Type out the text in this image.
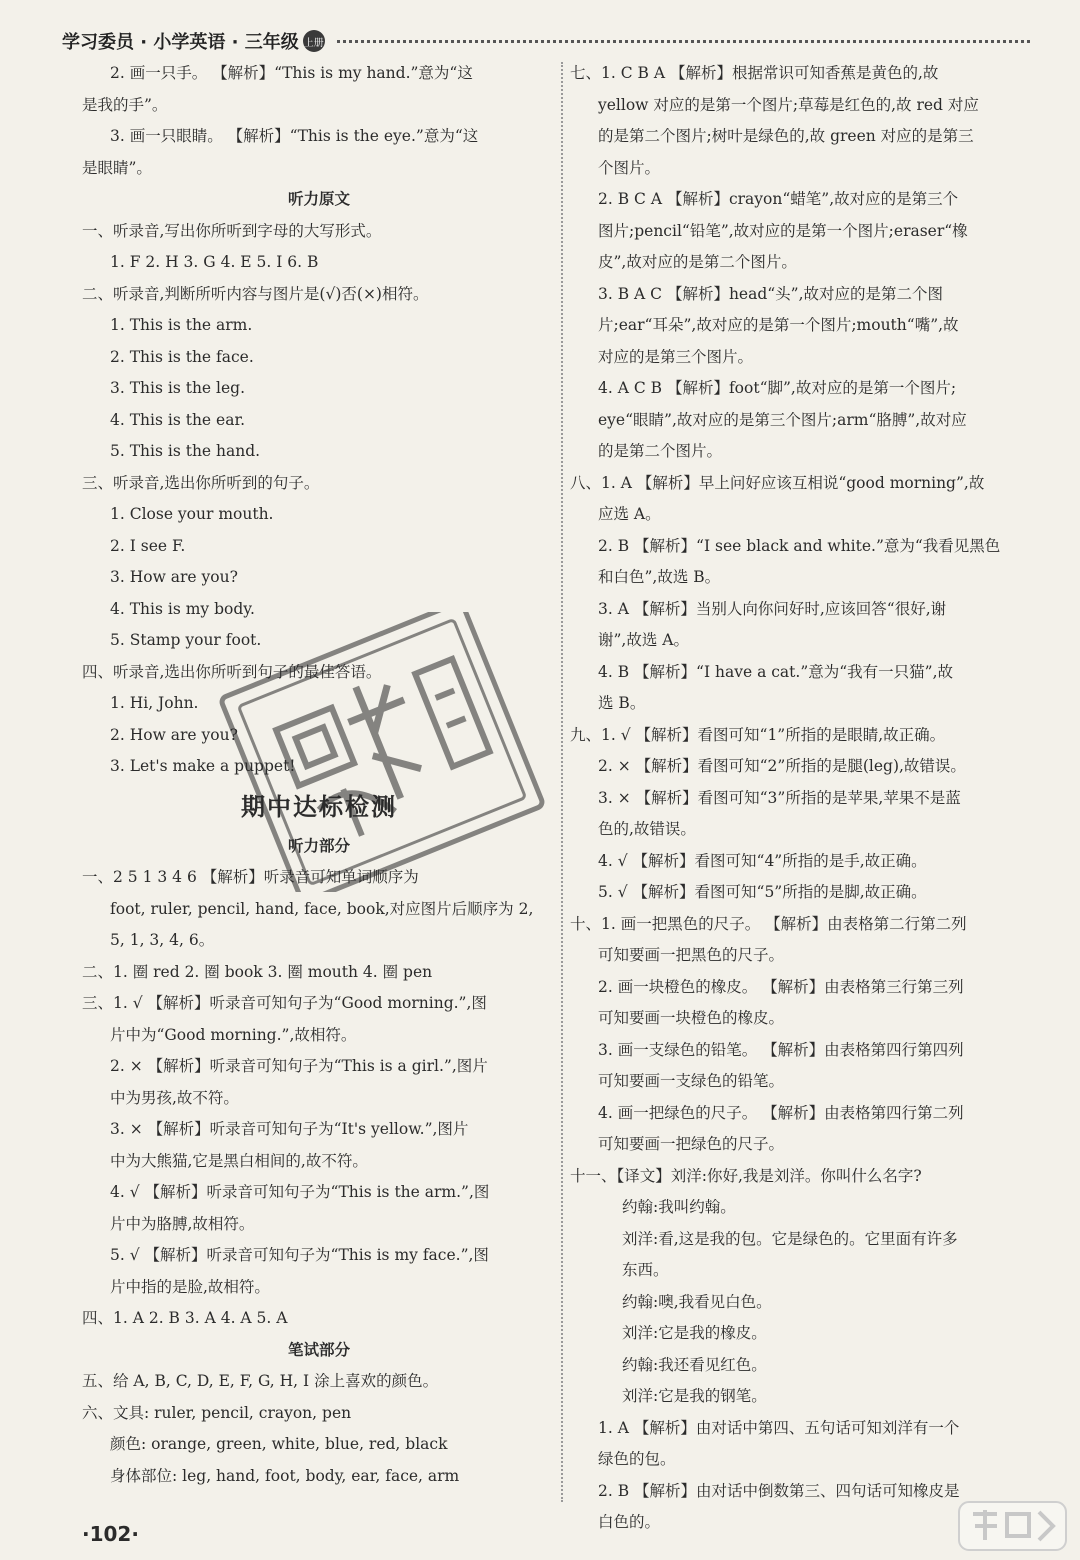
学习委员 · 小学英语 · 三年级 上册

2. 画一只手。 【解析】“This is my hand.”意为“这

是我的手”。

3. 画一只眼睛。 【解析】“This is the eye.”意为“这

是眼睛”。

听力原文

一、听录音,写出你所听到字母的大写形式。

1. F 2. H 3. G 4. E 5. I 6. B

二、听录音,判断所听内容与图片是(√)否(×)相符。

1. This is the arm.

2. This is the face.

3. This is the leg.

4. This is the ear.

5. This is the hand.

三、听录音,选出你所听到的句子。

1. Close your mouth.

2. I see F.

3. How are you?

4. This is my body.

5. Stamp your foot.

四、听录音,选出你所听到句子的最佳答语。

1. Hi, John.

2. How are you?

3. Let's make a puppet!

期中达标检测

听力部分

一、2 5 1 3 4 6 【解析】听录音可知单词顺序为

foot, ruler, pencil, hand, face, book,对应图片后顺序为 2,

5, 1, 3, 4, 6。

二、1. 圈 red 2. 圈 book 3. 圈 mouth 4. 圈 pen

三、1. √ 【解析】听录音可知句子为“Good morning.”,图

片中为“Good morning.”,故相符。

2. × 【解析】听录音可知句子为“This is a girl.”,图片

中为男孩,故不符。

3. × 【解析】听录音可知句子为“It's yellow.”,图片

中为大熊猫,它是黑白相间的,故不符。

4. √ 【解析】听录音可知句子为“This is the arm.”,图

片中为胳膊,故相符。

5. √ 【解析】听录音可知句子为“This is my face.”,图

片中指的是脸,故相符。

四、1. A 2. B 3. A 4. A 5. A

笔试部分

五、给 A, B, C, D, E, F, G, H, I 涂上喜欢的颜色。

六、文具: ruler, pencil, crayon, pen

颜色: orange, green, white, blue, red, black

身体部位: leg, hand, foot, body, ear, face, arm

七、1. C B A 【解析】根据常识可知香蕉是黄色的,故

yellow 对应的是第一个图片;草莓是红色的,故 red 对应

的是第二个图片;树叶是绿色的,故 green 对应的是第三

个图片。

2. B C A 【解析】crayon“蜡笔”,故对应的是第三个

图片;pencil“铅笔”,故对应的是第一个图片;eraser“橡

皮”,故对应的是第二个图片。

3. B A C 【解析】head“头”,故对应的是第二个图

片;ear“耳朵”,故对应的是第一个图片;mouth“嘴”,故

对应的是第三个图片。

4. A C B 【解析】foot“脚”,故对应的是第一个图片;

eye“眼睛”,故对应的是第三个图片;arm“胳膊”,故对应

的是第二个图片。

八、1. A 【解析】早上问好应该互相说“good morning”,故

应选 A。

2. B 【解析】“I see black and white.”意为“我看见黑色

和白色”,故选 B。

3. A 【解析】当别人向你问好时,应该回答“很好,谢

谢”,故选 A。

4. B 【解析】“I have a cat.”意为“我有一只猫”,故

选 B。

九、1. √ 【解析】看图可知“1”所指的是眼睛,故正确。

2. × 【解析】看图可知“2”所指的是腿(leg),故错误。

3. × 【解析】看图可知“3”所指的是苹果,苹果不是蓝

色的,故错误。

4. √ 【解析】看图可知“4”所指的是手,故正确。

5. √ 【解析】看图可知“5”所指的是脚,故正确。

十、1. 画一把黑色的尺子。 【解析】由表格第二行第二列

可知要画一把黑色的尺子。

2. 画一块橙色的橡皮。 【解析】由表格第三行第三列

可知要画一块橙色的橡皮。

3. 画一支绿色的铅笔。 【解析】由表格第四行第四列

可知要画一支绿色的铅笔。

4. 画一把绿色的尺子。 【解析】由表格第四行第二列

可知要画一把绿色的尺子。

十一、【译文】刘洋:你好,我是刘洋。你叫什么名字?

约翰:我叫约翰。

刘洋:看,这是我的包。它是绿色的。它里面有许多

东西。

约翰:噢,我看见白色。

刘洋:它是我的橡皮。

约翰:我还看见红色。

刘洋:它是我的钢笔。

1. A 【解析】由对话中第四、五句话可知刘洋有一个

绿色的包。

2. B 【解析】由对话中倒数第三、四句话可知橡皮是

白色的。

·102·
